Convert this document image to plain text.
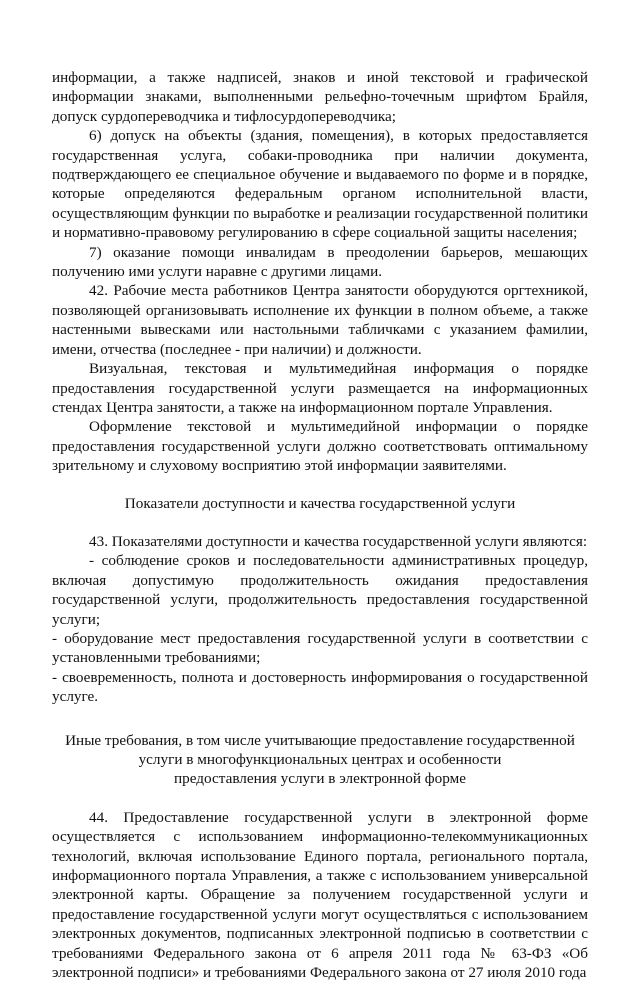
информации, а также надписей, знаков и иной текстовой и графической информации знаками, выполненными рельефно-точечным шрифтом Брайля, допуск сурдопереводчика и тифлосурдопереводчика;

6) допуск на объекты (здания, помещения), в которых предоставляется государственная услуга, собаки-проводника при наличии документа, подтверждающего ее специальное обучение и выдаваемого по форме и в порядке, которые определяются федеральным органом исполнительной власти, осуществляющим функции по выработке и реализации государственной политики и нормативно-правовому регулированию в сфере социальной защиты населения;

7) оказание помощи инвалидам в преодолении барьеров, мешающих получению ими услуги наравне с другими лицами.

42. Рабочие места работников Центра занятости оборудуются оргтехникой, позволяющей организовывать исполнение их функции в полном объеме, а также настенными вывесками или настольными табличками с указанием фамилии, имени, отчества (последнее - при наличии) и должности.

Визуальная, текстовая и мультимедийная информация о порядке предоставления государственной услуги размещается на информационных стендах Центра занятости, а также на информационном портале Управления.

Оформление текстовой и мультимедийной информации о порядке предоставления государственной услуги должно соответствовать оптимальному зрительному и слуховому восприятию этой информации заявителями.

Показатели доступности и качества государственной услуги

43. Показателями доступности и качества государственной услуги являются:

- соблюдение сроков и последовательности административных процедур, включая допустимую продолжительность ожидания предоставления государственной услуги, продолжительность предоставления государственной услуги;

- оборудование мест предоставления государственной услуги в соответствии с установленными требованиями;

- своевременность, полнота и достоверность информирования о государственной услуге.

Иные требования, в том числе учитывающие предоставление государственной

услуги в многофункциональных центрах и особенности

предоставления услуги в электронной форме

44. Предоставление государственной услуги в электронной форме осуществляется с использованием информационно-телекоммуникационных технологий, включая использование Единого портала, регионального портала, информационного портала Управления, а также с использованием универсальной электронной карты. Обращение за получением государственной услуги и предоставление государственной услуги могут осуществляться с использованием электронных документов, подписанных электронной подписью в соответствии с требованиями Федерального закона от 6 апреля 2011 года № 63-ФЗ «Об электронной подписи» и требованиями Федерального закона от 27 июля 2010 года
